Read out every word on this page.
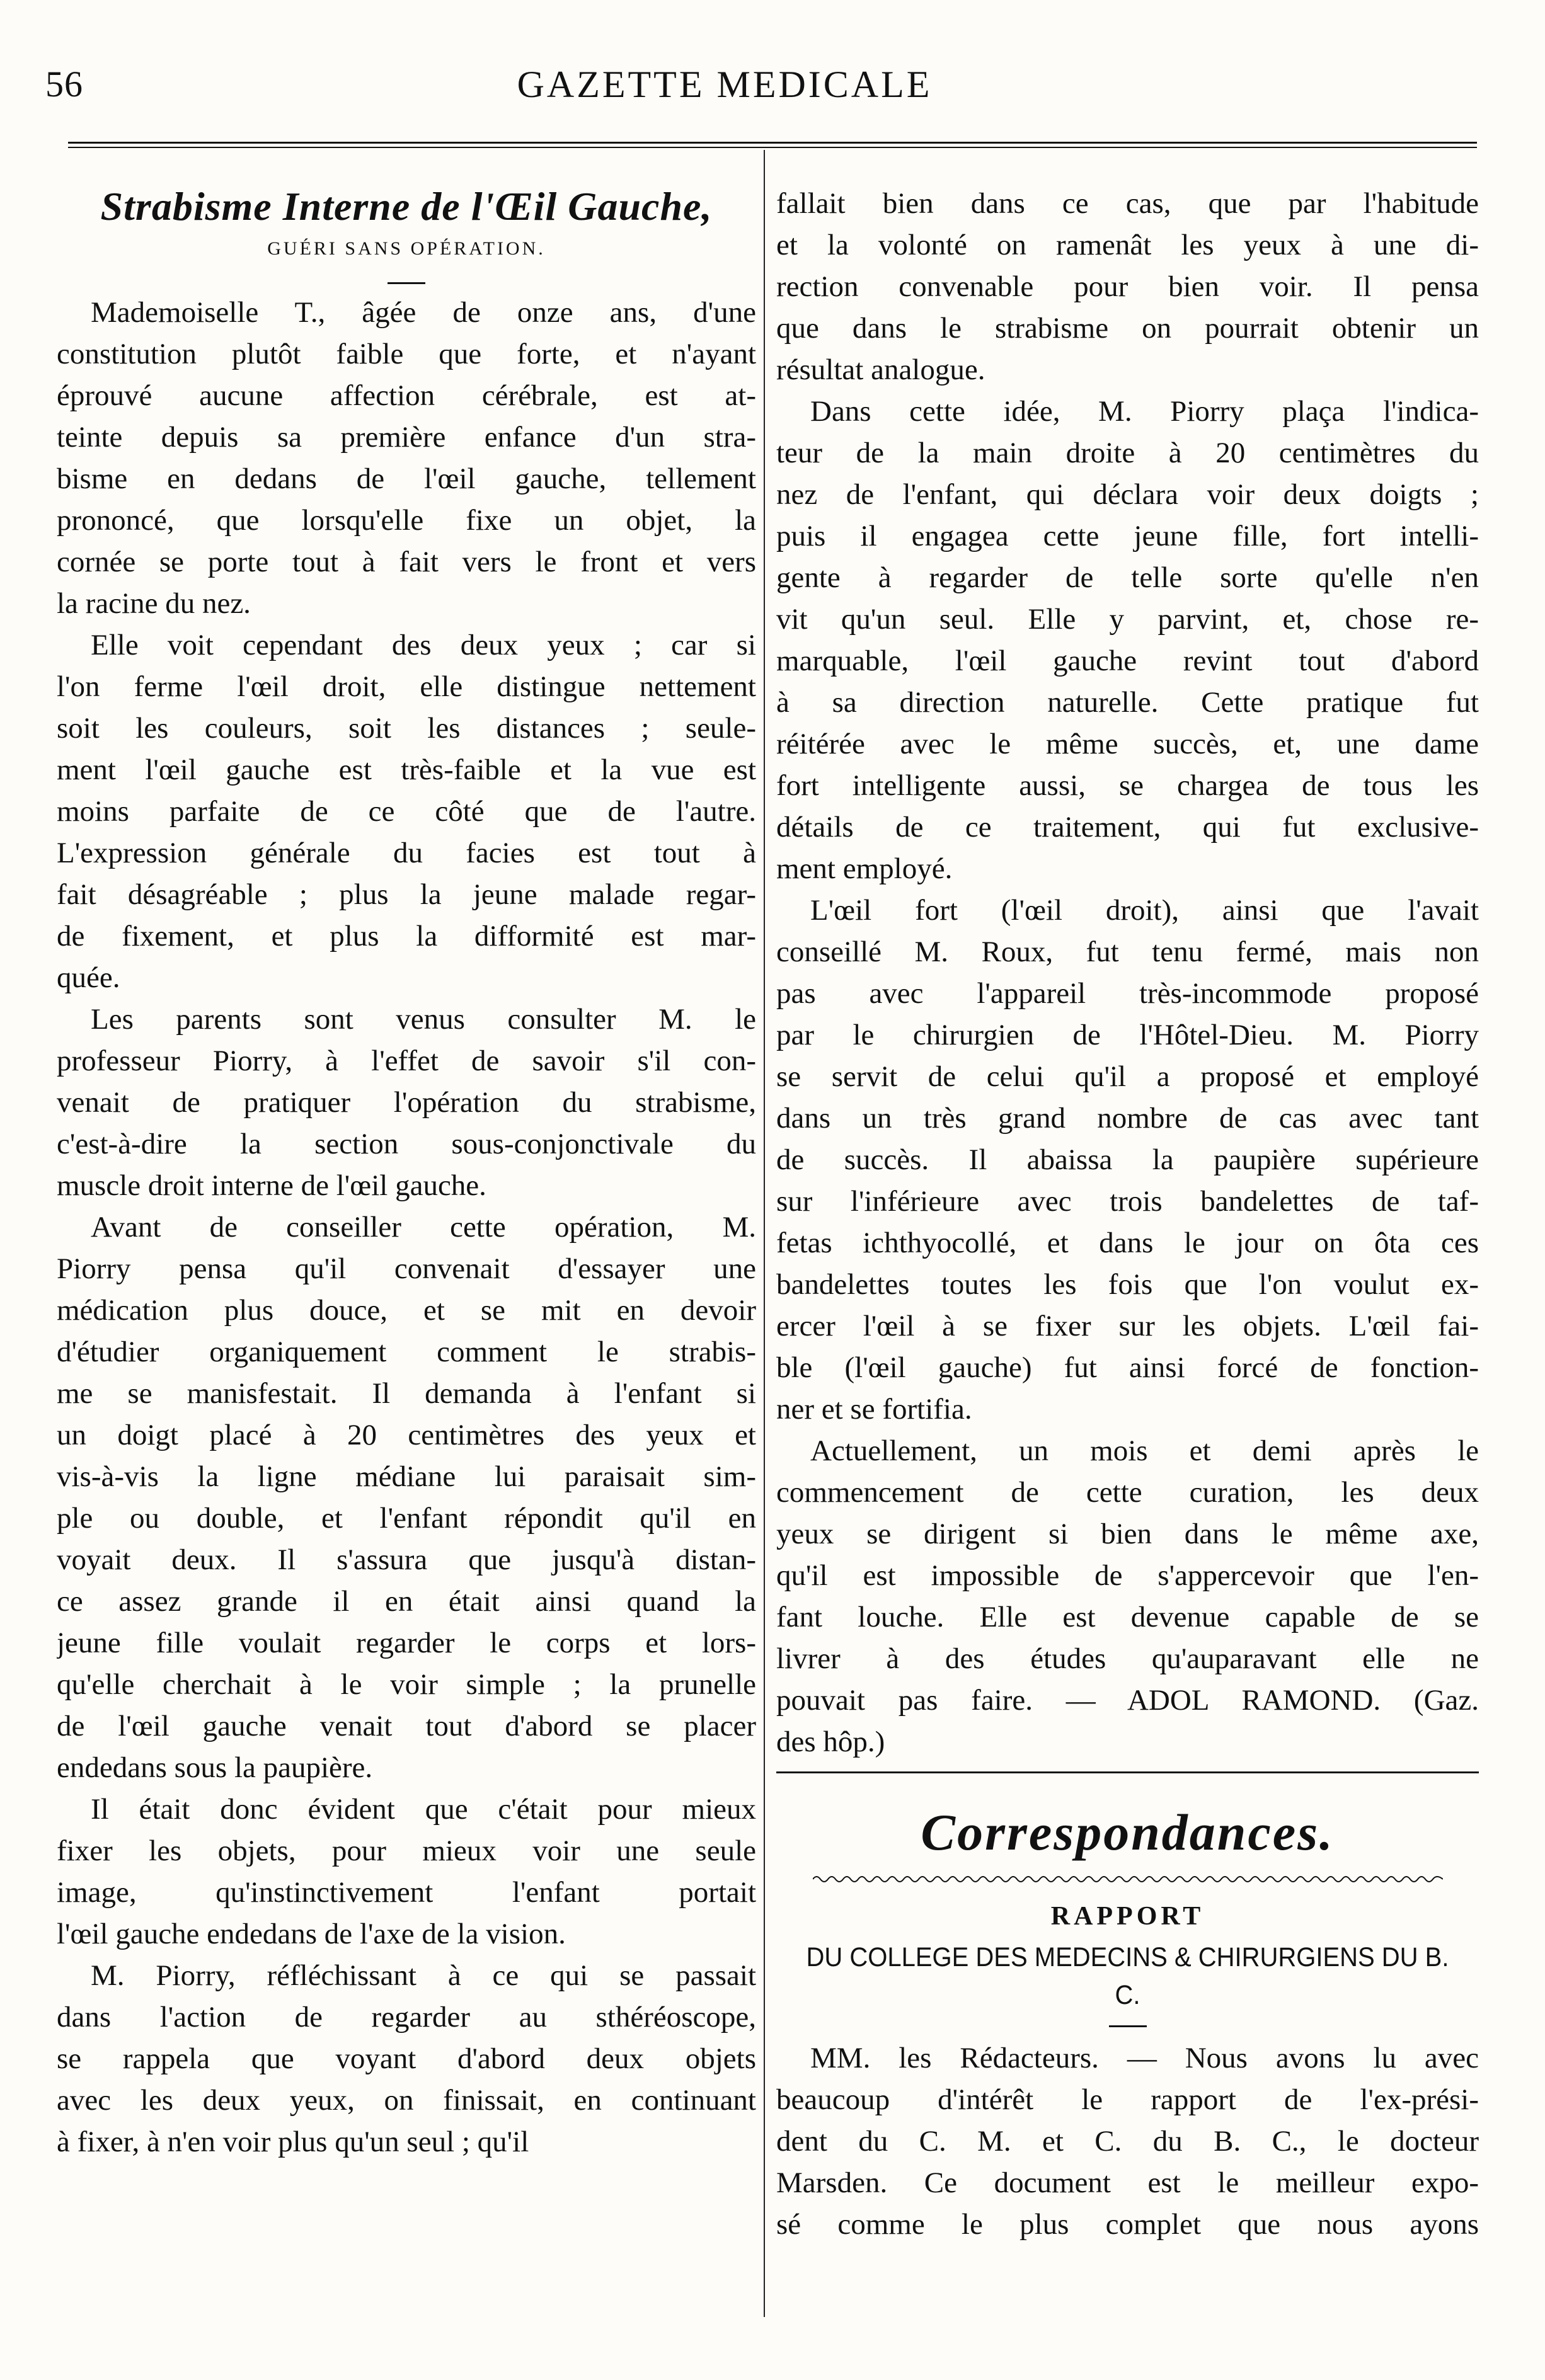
56	GAZETTE MEDICALE
Strabisme Interne de l'Œil Gauche,
GUÉRI SANS OPÉRATION.
Mademoiselle T., âgée de onze ans, d'une
constitution plutôt faible que forte, et n'ayant
éprouvé aucune affection cérébrale, est at-
teinte depuis sa première enfance d'un stra-
bisme en dedans de l'œil gauche, tellement
prononcé, que lorsqu'elle fixe un objet, la
cornée se porte tout à fait vers le front et vers
la racine du nez.
Elle voit cependant des deux yeux ; car si
l'on ferme l'œil droit, elle distingue nettement
soit les couleurs, soit les distances ; seule-
ment l'œil gauche est très-faible et la vue est
moins parfaite de ce côté que de l'autre.
L'expression générale du facies est tout à
fait désagréable ; plus la jeune malade regar-
de fixement, et plus la difformité est mar-
quée.
Les parents sont venus consulter M. le
professeur Piorry, à l'effet de savoir s'il con-
venait de pratiquer l'opération du strabisme,
c'est-à-dire la section sous-conjonctivale du
muscle droit interne de l'œil gauche.
Avant de conseiller cette opération, M.
Piorry pensa qu'il convenait d'essayer une
médication plus douce, et se mit en devoir
d'étudier organiquement comment le strabis-
me se manisfestait. Il demanda à l'enfant si
un doigt placé à 20 centimètres des yeux et
vis-à-vis la ligne médiane lui paraisait sim-
ple ou double, et l'enfant répondit qu'il en
voyait deux. Il s'assura que jusqu'à distan-
ce assez grande il en était ainsi quand la
jeune fille voulait regarder le corps et lors-
qu'elle cherchait à le voir simple ; la prunelle
de l'œil gauche venait tout d'abord se placer
endedans sous la paupière.
Il était donc évident que c'était pour mieux
fixer les objets, pour mieux voir une seule
image, qu'instinctivement l'enfant portait
l'œil gauche endedans de l'axe de la vision.
M. Piorry, réfléchissant à ce qui se passait
dans l'action de regarder au sthéréoscope,
se rappela que voyant d'abord deux objets
avec les deux yeux, on finissait, en continuant
à fixer, à n'en voir plus qu'un seul ; qu'il
fallait bien dans ce cas, que par l'habitude
et la volonté on ramenât les yeux à une di-
rection convenable pour bien voir. Il pensa
que dans le strabisme on pourrait obtenir un
résultat analogue.
Dans cette idée, M. Piorry plaça l'indica-
teur de la main droite à 20 centimètres du
nez de l'enfant, qui déclara voir deux doigts ;
puis il engagea cette jeune fille, fort intelli-
gente à regarder de telle sorte qu'elle n'en
vit qu'un seul. Elle y parvint, et, chose re-
marquable, l'œil gauche revint tout d'abord
à sa direction naturelle. Cette pratique fut
réitérée avec le même succès, et, une dame
fort intelligente aussi, se chargea de tous les
détails de ce traitement, qui fut exclusive-
ment employé.
L'œil fort (l'œil droit), ainsi que l'avait
conseillé M. Roux, fut tenu fermé, mais non
pas avec l'appareil très-incommode proposé
par le chirurgien de l'Hôtel-Dieu. M. Piorry
se servit de celui qu'il a proposé et employé
dans un très grand nombre de cas avec tant
de succès. Il abaissa la paupière supérieure
sur l'inférieure avec trois bandelettes de taf-
fetas ichthyocollé, et dans le jour on ôta ces
bandelettes toutes les fois que l'on voulut ex-
ercer l'œil à se fixer sur les objets. L'œil fai-
ble (l'œil gauche) fut ainsi forcé de fonction-
ner et se fortifia.
Actuellement, un mois et demi après le
commencement de cette curation, les deux
yeux se dirigent si bien dans le même axe,
qu'il est impossible de s'appercevoir que l'en-
fant louche. Elle est devenue capable de se
livrer à des études qu'auparavant elle ne
pouvait pas faire. — ADOL RAMOND. (Gaz.
des hôp.)
Correspondances.
RAPPORT
DU COLLEGE DES MEDECINS & CHIRURGIENS DU B. C.
MM. les Rédacteurs. — Nous avons lu avec
beaucoup d'intérêt le rapport de l'ex-prési-
dent du C. M. et C. du B. C., le docteur
Marsden. Ce document est le meilleur expo-
sé comme le plus complet que nous ayons
